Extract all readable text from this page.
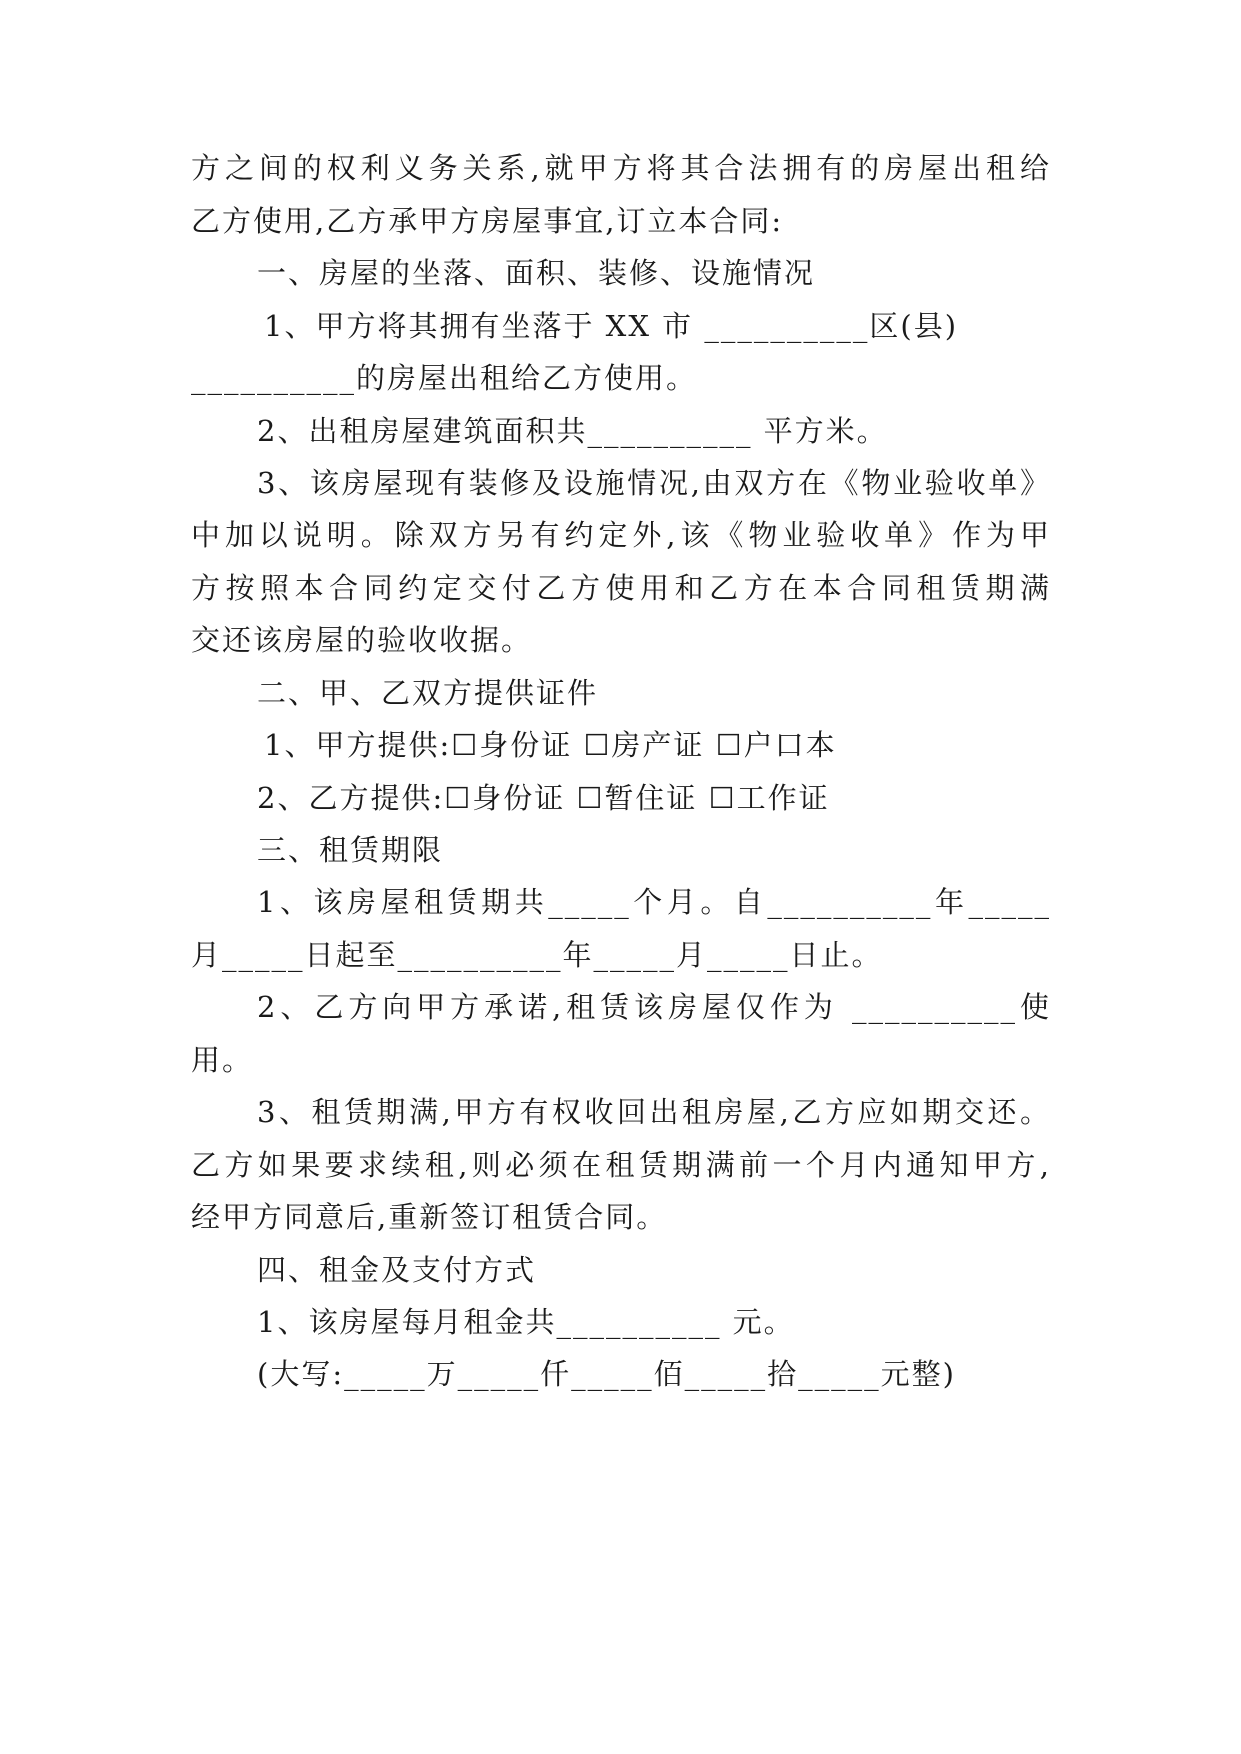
方之间的权利义务关系,就甲方将其合法拥有的房屋出租给
乙方使用,乙方承甲方房屋事宜,订立本合同:
一、房屋的坐落、面积、装修、设施情况
1、甲方将其拥有坐落于 XX 市 __________区(县)
__________的房屋出租给乙方使用。
2、出租房屋建筑面积共__________ 平方米。
3、该房屋现有装修及设施情况,由双方在《物业验收单》
中加以说明。除双方另有约定外,该《物业验收单》作为甲
方按照本合同约定交付乙方使用和乙方在本合同租赁期满
交还该房屋的验收收据。
二、甲、乙双方提供证件
1、甲方提供:☐身份证 ☐房产证 ☐户口本
2、乙方提供:☐身份证 ☐暂住证 ☐工作证
三、租赁期限
1、该房屋租赁期共_____个月。自__________年_____
月_____日起至__________年_____月_____日止。
2、乙方向甲方承诺,租赁该房屋仅作为 __________使
用。
3、租赁期满,甲方有权收回出租房屋,乙方应如期交还。
乙方如果要求续租,则必须在租赁期满前一个月内通知甲方,
经甲方同意后,重新签订租赁合同。
四、租金及支付方式
1、该房屋每月租金共__________ 元。
(大写:_____万_____仟_____佰_____拾_____元整)
